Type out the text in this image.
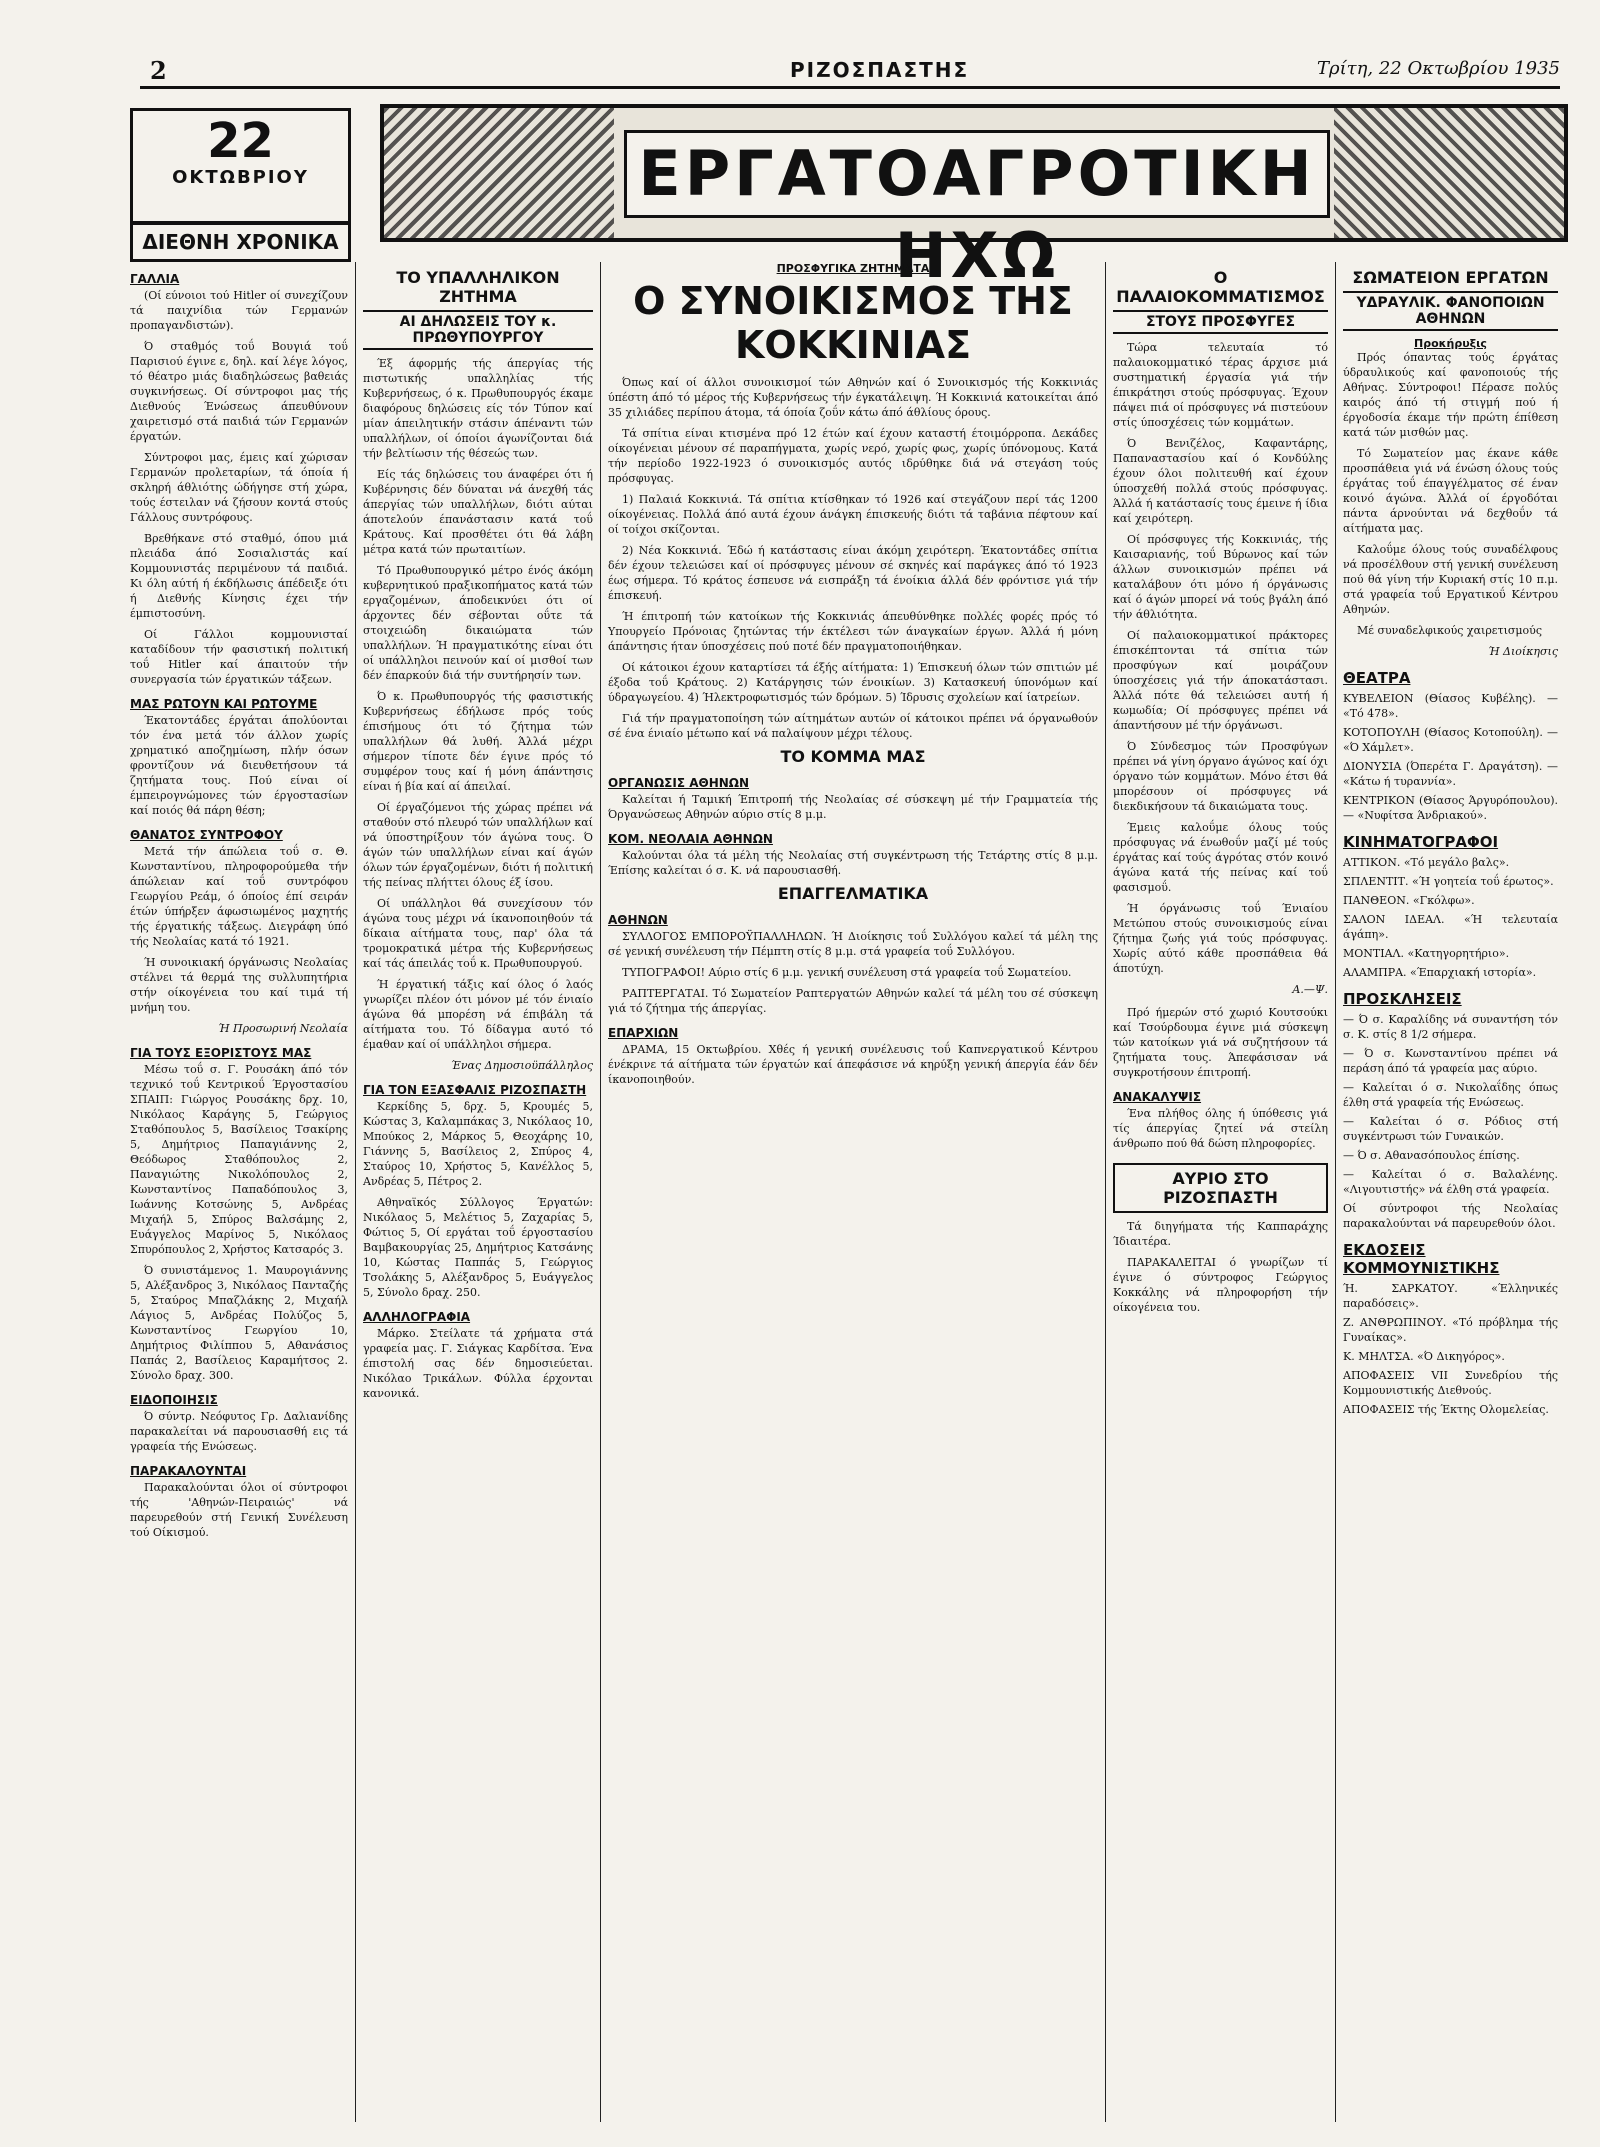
2	ΡΙΖΟΣΠΑΣΤΗΣ	Τρίτη, 22 Οκτωβρίου 1935
22
ΟΚΤΩΒΡΙΟΥ
ΔΙΕΘΝΗ ΧΡΟΝΙΚΑ
ΕΡΓΑΤΟΑΓΡΟΤΙΚΗ ΗΧΩ
ΓΑΛΛΙΑ

(Οί εύνοιοι τού Hitler οί συνεχίζουν τά παιχνίδια τών Γερμανών προπαγανδιστών).

Ό σταθμός τοΰ Βουγιά τοΰ Παρισιού έγινε ε, δηλ. καί λέγε λόγος, τό θέατρο μιάς διαδηλώσεως βαθειάς συγκινήσεως. Οί σύντροφοι μας τής Διεθνούς Ένώσεως άπευθύνουν χαιρετισμό στά παιδιά τών Γερμανών έργατών.

Σύντροφοι μας, έμεις καί χώρισαν Γερμανών προλεταρίων, τά όποία ή σκληρή άθλιότης ώδήγησε στή χώρα, τούς έστειλαν νά ζήσουν κοντά στούς Γάλλους συντρόφους.

Βρεθήκανε στό σταθμό, όπου μιά πλειάδα άπό Σοσιαλιστάς καί Κομμουνιστάς περιμένουν τά παιδιά. Κι όλη αύτή ή έκδήλωσις άπέδειξε ότι ή Διεθνής Κίνησις έχει τήν έμπιστοσύνη.

Οί Γάλλοι κομμουνισταί καταδίδουν τήν φασιστική πολιτική τοΰ Hitler καί άπαιτούν τήν συνεργασία τών έργατικών τάξεων.

ΜΑΣ ΡΩΤΟΥΝ ΚΑΙ ΡΩΤΟΥΜΕ

Έκατοντάδες έργάται άπολύονται τόν ένα μετά τόν άλλον χωρίς χρηματικό αποζημίωση, πλήν όσων φροντίζουν νά διευθετήσουν τά ζητήματα τους. Πού είναι οί έμπειρογνώμονες τών έργοστασίων καί ποιός θά πάρη θέση;

ΘΑΝΑΤΟΣ ΣΥΝΤΡΟΦΟΥ

Μετά τήν άπώλεια τοΰ σ. Θ. Κωνσταντίνου, πληροφορούμεθα τήν άπώλειαν καί τοΰ συντρόφου Γεωργίου Ρεάμ, ό όποίος έπί σειράν έτών ύπήρξεν άφωσιωμένος μαχητής τής έργατικής τάξεως. Διεγράφη ύπό τής Νεολαίας κατά τό 1921.

Ή συνοικιακή όργάνωσις Νεολαίας στέλνει τά θερμά της συλλυπητήρια στήν οίκογένεια του καί τιμά τή μνήμη του.

Ή Προσωρινή Νεολαία
ΓΙΑ ΤΟΥΣ ΕΞΟΡΙΣΤΟΥΣ ΜΑΣ

Μέσω τοΰ σ. Γ. Ρουσάκη άπό τόν τεχνικό τοΰ Κεντρικοΰ Έργοστασίου ΣΠΑΙΠ: Γιώργος Ρουσάκης δρχ. 10, Νικόλαος Καράγης 5, Γεώργιος Σταθόπουλος 5, Βασίλειος Τσακίρης 5, Δημήτριος Παπαγιάννης 2, Θεόδωρος Σταθόπουλος 2, Παναγιώτης Νικολόπουλος 2, Κωνσταντίνος Παπαδόπουλος 3, Ιωάννης Κοτσώνης 5, Ανδρέας Μιχαήλ 5, Σπύρος Βαλσάμης 2, Ευάγγελος Μαρίνος 5, Νικόλαος Σπυρόπουλος 2, Χρήστος Κατσαρός 3.

Ό συνιστάμενος 1. Μαυρογιάννης 5, Αλέξανδρος 3, Νικόλαος Πανταζής 5, Σταύρος Μπαζλάκης 2, Μιχαήλ Λάγιος 5, Ανδρέας Πολύζος 5, Κωνσταντίνος Γεωργίου 10, Δημήτριος Φιλίππου 5, Αθανάσιος Παπάς 2, Βασίλειος Καραμήτσος 2. Σύνολο δραχ. 300.

ΕΙΔΟΠΟΙΗΣΙΣ

Ό σύντρ. Νεόφυτος Γρ. Δαλιανίδης παρακαλείται νά παρουσιασθή εις τά γραφεία τής Ενώσεως.

ΠΑΡΑΚΑΛΟΥΝΤΑΙ

Παρακαλούνται όλοι οί σύντροφοι τής 'Αθηνών-Πειραιώς' νά παρευρεθούν στή Γενική Συνέλευση τού Οίκισμού.

ΤΟ ΥΠΑΛΛΗΛΙΚΟΝ ΖΗΤΗΜΑ
ΑΙ ΔΗΛΩΣΕΙΣ ΤΟΥ κ. ΠΡΩΘΥΠΟΥΡΓΟΥ

Έξ άφορμής τής άπεργίας τής πιστωτικής υπαλληλίας τής Κυβερνήσεως, ό κ. Πρωθυπουργός έκαμε διαφόρους δηλώσεις είς τόν Τύπον καί μίαν άπειλητικήν στάσιν άπέναντι τών υπαλλήλων, οί όποίοι άγωνίζονται διά τήν βελτίωσιν τής θέσεώς των.

Είς τάς δηλώσεις του άναφέρει ότι ή Κυβέρνησις δέν δύναται νά άνεχθή τάς άπεργίας τών υπαλλήλων, διότι αύται άποτελούν έπανάστασιν κατά τοΰ Κράτους. Καί προσθέτει ότι θά λάβη μέτρα κατά τών πρωταιτίων.

Τό Πρωθυπουργικό μέτρο ένός άκόμη κυβερνητικού πραξικοπήματος κατά τών εργαζομένων, άποδεικνύει ότι οί άρχοντες δέν σέβονται οΰτε τά στοιχειώδη δικαιώματα τών υπαλλήλων. Ή πραγματικότης είναι ότι οί υπάλληλοι πεινούν καί οί μισθοί των δέν έπαρκούν διά τήν συντήρησίν των.

Ό κ. Πρωθυπουργός τής φασιστικής Κυβερνήσεως έδήλωσε πρός τούς έπισήμους ότι τό ζήτημα τών υπαλλήλων θά λυθή. Άλλά μέχρι σήμερον τίποτε δέν έγινε πρός τό συμφέρον τους καί ή μόνη άπάντησις είναι ή βία καί αί άπειλαί.

Οί έργαζόμενοι τής χώρας πρέπει νά σταθούν στό πλευρό τών υπαλλήλων καί νά ύποστηρίξουν τόν άγώνα τους. Ό άγών τών υπαλλήλων είναι καί άγών όλων τών έργαζομένων, διότι ή πολιτική τής πείνας πλήττει όλους έξ ίσου.

Οί υπάλληλοι θά συνεχίσουν τόν άγώνα τους μέχρι νά ίκανοποιηθούν τά δίκαια αίτήματα τους, παρ' όλα τά τρομοκρατικά μέτρα τής Κυβερνήσεως καί τάς άπειλάς τοΰ κ. Πρωθυπουργού.

Ή έργατική τάξις καί όλος ό λαός γνωρίζει πλέον ότι μόνον μέ τόν ένιαίο άγώνα θά μπορέση νά έπιβάλη τά αίτήματα του. Τό δίδαγμα αυτό τό έμαθαν καί οί υπάλληλοι σήμερα.

Ένας Δημοσιοϋπάλληλος
ΓΙΑ ΤΟΝ ΕΞΑΣΦΑΛΙΣ ΡΙΖΟΣΠΑΣΤΗ

Κερκίδης 5, δρχ. 5, Κρουμές 5, Κώστας 3, Καλαμπάκας 3, Νικόλαος 10, Μπούκος 2, Μάρκος 5, Θεοχάρης 10, Γιάννης 5, Βασίλειος 2, Σπύρος 4, Σταύρος 10, Χρήστος 5, Κανέλλος 5, Ανδρέας 5, Πέτρος 2.

Αθηναϊκός Σύλλογος Έργατών: Νικόλαος 5, Μελέτιος 5, Ζαχαρίας 5, Φώτιος 5, Οί εργάται τοΰ έργοστασίου Βαμβακουργίας 25, Δημήτριος Κατσάνης 10, Κώστας Παππάς 5, Γεώργιος Τσολάκης 5, Αλέξανδρος 5, Ευάγγελος 5, Σύνολο δραχ. 250.

ΑΛΛΗΛΟΓΡΑΦΙΑ

Μάρκο. Στείλατε τά χρήματα στά γραφεία μας. Γ. Σιάγκας Καρδίτσα. Ένα έπιστολή σας δέν δημοσιεύεται. Νικόλαο Τρικάλων. Φύλλα έρχονται κανονικά.

ΠΡΟΣΦΥΓΙΚΑ ΖΗΤΗΜΑΤΑ
Ο ΣΥΝΟΙΚΙΣΜΟΣ ΤΗΣ ΚΟΚΚΙΝΙΑΣ

Όπως καί οί άλλοι συνοικισμοί τών Αθηνών καί ό Συνοικισμός τής Κοκκινιάς ύπέστη άπό τό μέρος τής Κυβερνήσεως τήν έγκατάλειψη. Ή Κοκκινιά κατοικείται άπό 35 χιλιάδες περίπου άτομα, τά όποία ζοΰν κάτω άπό άθλίους όρους.

Τά σπίτια είναι κτισμένα πρό 12 έτών καί έχουν καταστή έτοιμόρροπα. Δεκάδες οίκογένειαι μένουν σέ παραπήγματα, χωρίς νερό, χωρίς φως, χωρίς ύπόνομους. Κατά τήν περίοδο 1922-1923 ό συνοικισμός αυτός ιδρύθηκε διά νά στεγάση τούς πρόσφυγας.

1) Παλαιά Κοκκινιά. Τά σπίτια κτίσθηκαν τό 1926 καί στεγάζουν περί τάς 1200 οίκογένειας. Πολλά άπό αυτά έχουν άνάγκη έπισκευής διότι τά ταβάνια πέφτουν καί οί τοίχοι σκίζονται.

2) Νέα Κοκκινιά. Έδώ ή κατάστασις είναι άκόμη χειρότερη. Έκατοντάδες σπίτια δέν έχουν τελειώσει καί οί πρόσφυγες μένουν σέ σκηνές καί παράγκες άπό τό 1923 έως σήμερα. Τό κράτος έσπευσε νά εισπράξη τά ένοίκια άλλά δέν φρόντισε γιά τήν έπισκευή.

Ή έπιτροπή τών κατοίκων τής Κοκκινιάς άπευθύνθηκε πολλές φορές πρός τό Υπουργείο Πρόνοιας ζητώντας τήν έκτέλεσι τών άναγκαίων έργων. Άλλά ή μόνη άπάντησις ήταν ύποσχέσεις πού ποτέ δέν πραγματοποιήθηκαν.

Οί κάτοικοι έχουν καταρτίσει τά έξής αίτήματα: 1) Έπισκευή όλων τών σπιτιών μέ έξοδα τοΰ Κράτους. 2) Κατάργησις τών ένοικίων. 3) Κατασκευή ύπονόμων καί ύδραγωγείου. 4) Ήλεκτροφωτισμός τών δρόμων. 5) Ίδρυσις σχολείων καί ίατρείων.

Γιά τήν πραγματοποίηση τών αίτημάτων αυτών οί κάτοικοι πρέπει νά όργανωθούν σέ ένα ένιαίο μέτωπο καί νά παλαίψουν μέχρι τέλους.

ΤΟ ΚΟΜΜΑ ΜΑΣ
ΟΡΓΑΝΩΣΙΣ ΑΘΗΝΩΝ

Καλείται ή Ταμική Έπιτροπή τής Νεολαίας σέ σύσκεψη μέ τήν Γραμματεία τής Όργανώσεως Αθηνών αύριο στίς 8 μ.μ.

ΚΟΜ. ΝΕΟΛΑΙΑ ΑΘΗΝΩΝ

Καλούνται όλα τά μέλη τής Νεολαίας στή συγκέντρωση τής Τετάρτης στίς 8 μ.μ. Έπίσης καλείται ό σ. Κ. νά παρουσιασθή.

ΕΠΑΓΓΕΛΜΑΤΙΚΑ
ΑΘΗΝΩΝ

ΣΥΛΛΟΓΟΣ ΕΜΠΟΡΟΫΠΑΛΛΗΛΩΝ. Ή Διοίκησις τοΰ Συλλόγου καλεί τά μέλη της σέ γενική συνέλευση τήν Πέμπτη στίς 8 μ.μ. στά γραφεία τοΰ Συλλόγου.

ΤΥΠΟΓΡΑΦΟΙ! Αύριο στίς 6 μ.μ. γενική συνέλευση στά γραφεία τοΰ Σωματείου.

ΡΑΠΤΕΡΓΑΤΑΙ. Τό Σωματείον Ραπτεργατών Αθηνών καλεί τά μέλη του σέ σύσκεψη γιά τό ζήτημα τής άπεργίας.

ΕΠΑΡΧΙΩΝ

ΔΡΑΜΑ, 15 Οκτωβρίου. Χθές ή γενική συνέλευσις τοΰ Καπνεργατικοΰ Κέντρου ένέκρινε τά αίτήματα τών έργατών καί άπεφάσισε νά κηρύξη γενική άπεργία έάν δέν ίκανοποιηθούν.

Ο ΠΑΛΑΙΟΚΟΜΜΑΤΙΣΜΟΣ
ΣΤΟΥΣ ΠΡΟΣΦΥΓΕΣ

Τώρα τελευταία τό παλαιοκομματικό τέρας άρχισε μιά συστηματική έργασία γιά τήν έπικράτησι στούς πρόσφυγας. Έχουν πάψει πιά οί πρόσφυγες νά πιστεύουν στίς ύποσχέσεις τών κομμάτων.

Ό Βενιζέλος, Καφαντάρης, Παπαναστασίου καί ό Κονδύλης έχουν όλοι πολιτευθή καί έχουν ύποσχεθή πολλά στούς πρόσφυγας. Άλλά ή κατάστασίς τους έμεινε ή ίδια καί χειρότερη.

Οί πρόσφυγες τής Κοκκινιάς, τής Καισαριανής, τοΰ Βύρωνος καί τών άλλων συνοικισμών πρέπει νά καταλάβουν ότι μόνο ή όργάνωσις καί ό άγών μπορεί νά τούς βγάλη άπό τήν άθλιότητα.

Οί παλαιοκομματικοί πράκτορες έπισκέπτονται τά σπίτια τών προσφύγων καί μοιράζουν ύποσχέσεις γιά τήν άποκατάστασι. Άλλά πότε θά τελειώσει αυτή ή κωμωδία; Οί πρόσφυγες πρέπει νά άπαντήσουν μέ τήν όργάνωσι.

Ό Σύνδεσμος τών Προσφύγων πρέπει νά γίνη όργανο άγώνος καί όχι όργανο τών κομμάτων. Μόνο έτσι θά μπορέσουν οί πρόσφυγες νά διεκδικήσουν τά δικαιώματα τους.

Έμεις καλοΰμε όλους τούς πρόσφυγας νά ένωθοΰν μαζί μέ τούς έργάτας καί τούς άγρότας στόν κοινό άγώνα κατά τής πείνας καί τοΰ φασισμοΰ.

Ή όργάνωσις τοΰ Ένιαίου Μετώπου στούς συνοικισμούς είναι ζήτημα ζωής γιά τούς πρόσφυγας. Χωρίς αύτό κάθε προσπάθεια θά άποτύχη.

Α.—Ψ.

Πρό ήμερών στό χωριό Κουτσούκι καί Τσούρδουμα έγινε μιά σύσκεψη τών κατοίκων γιά νά συζητήσουν τά ζητήματα τους. Άπεφάσισαν νά συγκροτήσουν έπιτροπή.

ΑΝΑΚΑΛΥΨΙΣ

Ένα πλήθος όλης ή ύπόθεσις γιά τίς άπεργίας ζητεί νά στείλη άνθρωπο πού θά δώση πληροφορίες.

ΑΥΡΙΟ ΣΤΟ ΡΙΖΟΣΠΑΣΤΗ

Τά διηγήματα τής Καππαράχης Ίδιαιτέρα.

ΠΑΡΑΚΑΛΕΙΤΑΙ ό γνωρίζων τί έγινε ό σύντροφος Γεώργιος Κοκκάλης νά πληροφορήση τήν οίκογένεια του.

ΣΩΜΑΤΕΙΟΝ ΕΡΓΑΤΩΝ
ΥΔΡΑΥΛΙΚ. ΦΑΝΟΠΟΙΩΝ ΑΘΗΝΩΝ
Προκήρυξις

Πρός όπαντας τούς έργάτας ύδραυλικούς καί φανοποιούς τής Αθήνας. Σύντροφοι! Πέρασε πολύς καιρός άπό τή στιγμή πού ή έργοδοσία έκαμε τήν πρώτη έπίθεση κατά τών μισθών μας.

Τό Σωματείον μας έκανε κάθε προσπάθεια γιά νά ένώση όλους τούς έργάτας τοΰ έπαγγέλματος σέ έναν κοινό άγώνα. Άλλά οί έργοδόται πάντα άρνούνται νά δεχθοΰν τά αίτήματα μας.

Καλοΰμε όλους τούς συναδέλφους νά προσέλθουν στή γενική συνέλευση πού θά γίνη τήν Κυριακή στίς 10 π.μ. στά γραφεία τοΰ Εργατικοΰ Κέντρου Αθηνών.

Μέ συναδελφικούς χαιρετισμούς

Ή Διοίκησις
ΘΕΑΤΡΑ
ΚΥΒΕΛΕΙΟΝ (Θίασος Κυβέλης). — «Τό 478».
ΚΟΤΟΠΟΥΛΗ (Θίασος Κοτοπούλη). — «Ό Χάμλετ».
ΔΙΟΝΥΣΙΑ (Όπερέτα Γ. Δραγάτση). — «Κάτω ή τυραννία».
ΚΕΝΤΡΙΚΟΝ (Θίασος Άργυρόπουλου). — «Νυφίτσα Άνδριακού».
ΚΙΝΗΜΑΤΟΓΡΑΦΟΙ
ΑΤΤΙΚΟΝ. «Τό μεγάλο βαλς».
ΣΠΛΕΝΤΙΤ. «Ή γοητεία τοΰ έρωτος».
ΠΑΝΘΕΟΝ. «Γκόλφω».
ΣΑΛΟΝ ΙΔΕΑΛ. «Ή τελευταία άγάπη».
ΜΟΝΤΙΑΛ. «Κατηγορητήριο».
ΑΛΑΜΠΡΑ. «Έπαρχιακή ιστορία».
ΠΡΟΣΚΛΗΣΕΙΣ
— Ό σ. Καραλίδης νά συναντήση τόν σ. Κ. στίς 8 1/2 σήμερα.
— Ό σ. Κωνσταντίνου πρέπει νά περάση άπό τά γραφεία μας αύριο.
— Καλείται ό σ. Νικολαΐδης όπως έλθη στά γραφεία τής Ενώσεως.
— Καλείται ό σ. Ρόδιος στή συγκέντρωσι τών Γυναικών.
— Ό σ. Αθανασόπουλος έπίσης.
— Καλείται ό σ. Βαλαλένης. «Λιγουτιστής» νά έλθη στά γραφεία.
Οί σύντροφοι τής Νεολαίας παρακαλούνται νά παρευρεθούν όλοι.
ΕΚΔΟΣΕΙΣ ΚΟΜΜΟΥΝΙΣΤΙΚΗΣ
Ή. ΣΑΡΚΑΤΟΥ. «Έλληνικές παραδόσεις».
Ζ. ΑΝΘΡΩΠΙΝΟΥ. «Τό πρόβλημα τής Γυναίκας».
Κ. ΜΗΛΤΣΑ. «Ό Δικηγόρος».
ΑΠΟΦΑΣΕΙΣ VII Συνεδρίου τής Κομμουνιστικής Διεθνούς.
ΑΠΟΦΑΣΕΙΣ τής Έκτης Ολομελείας.
